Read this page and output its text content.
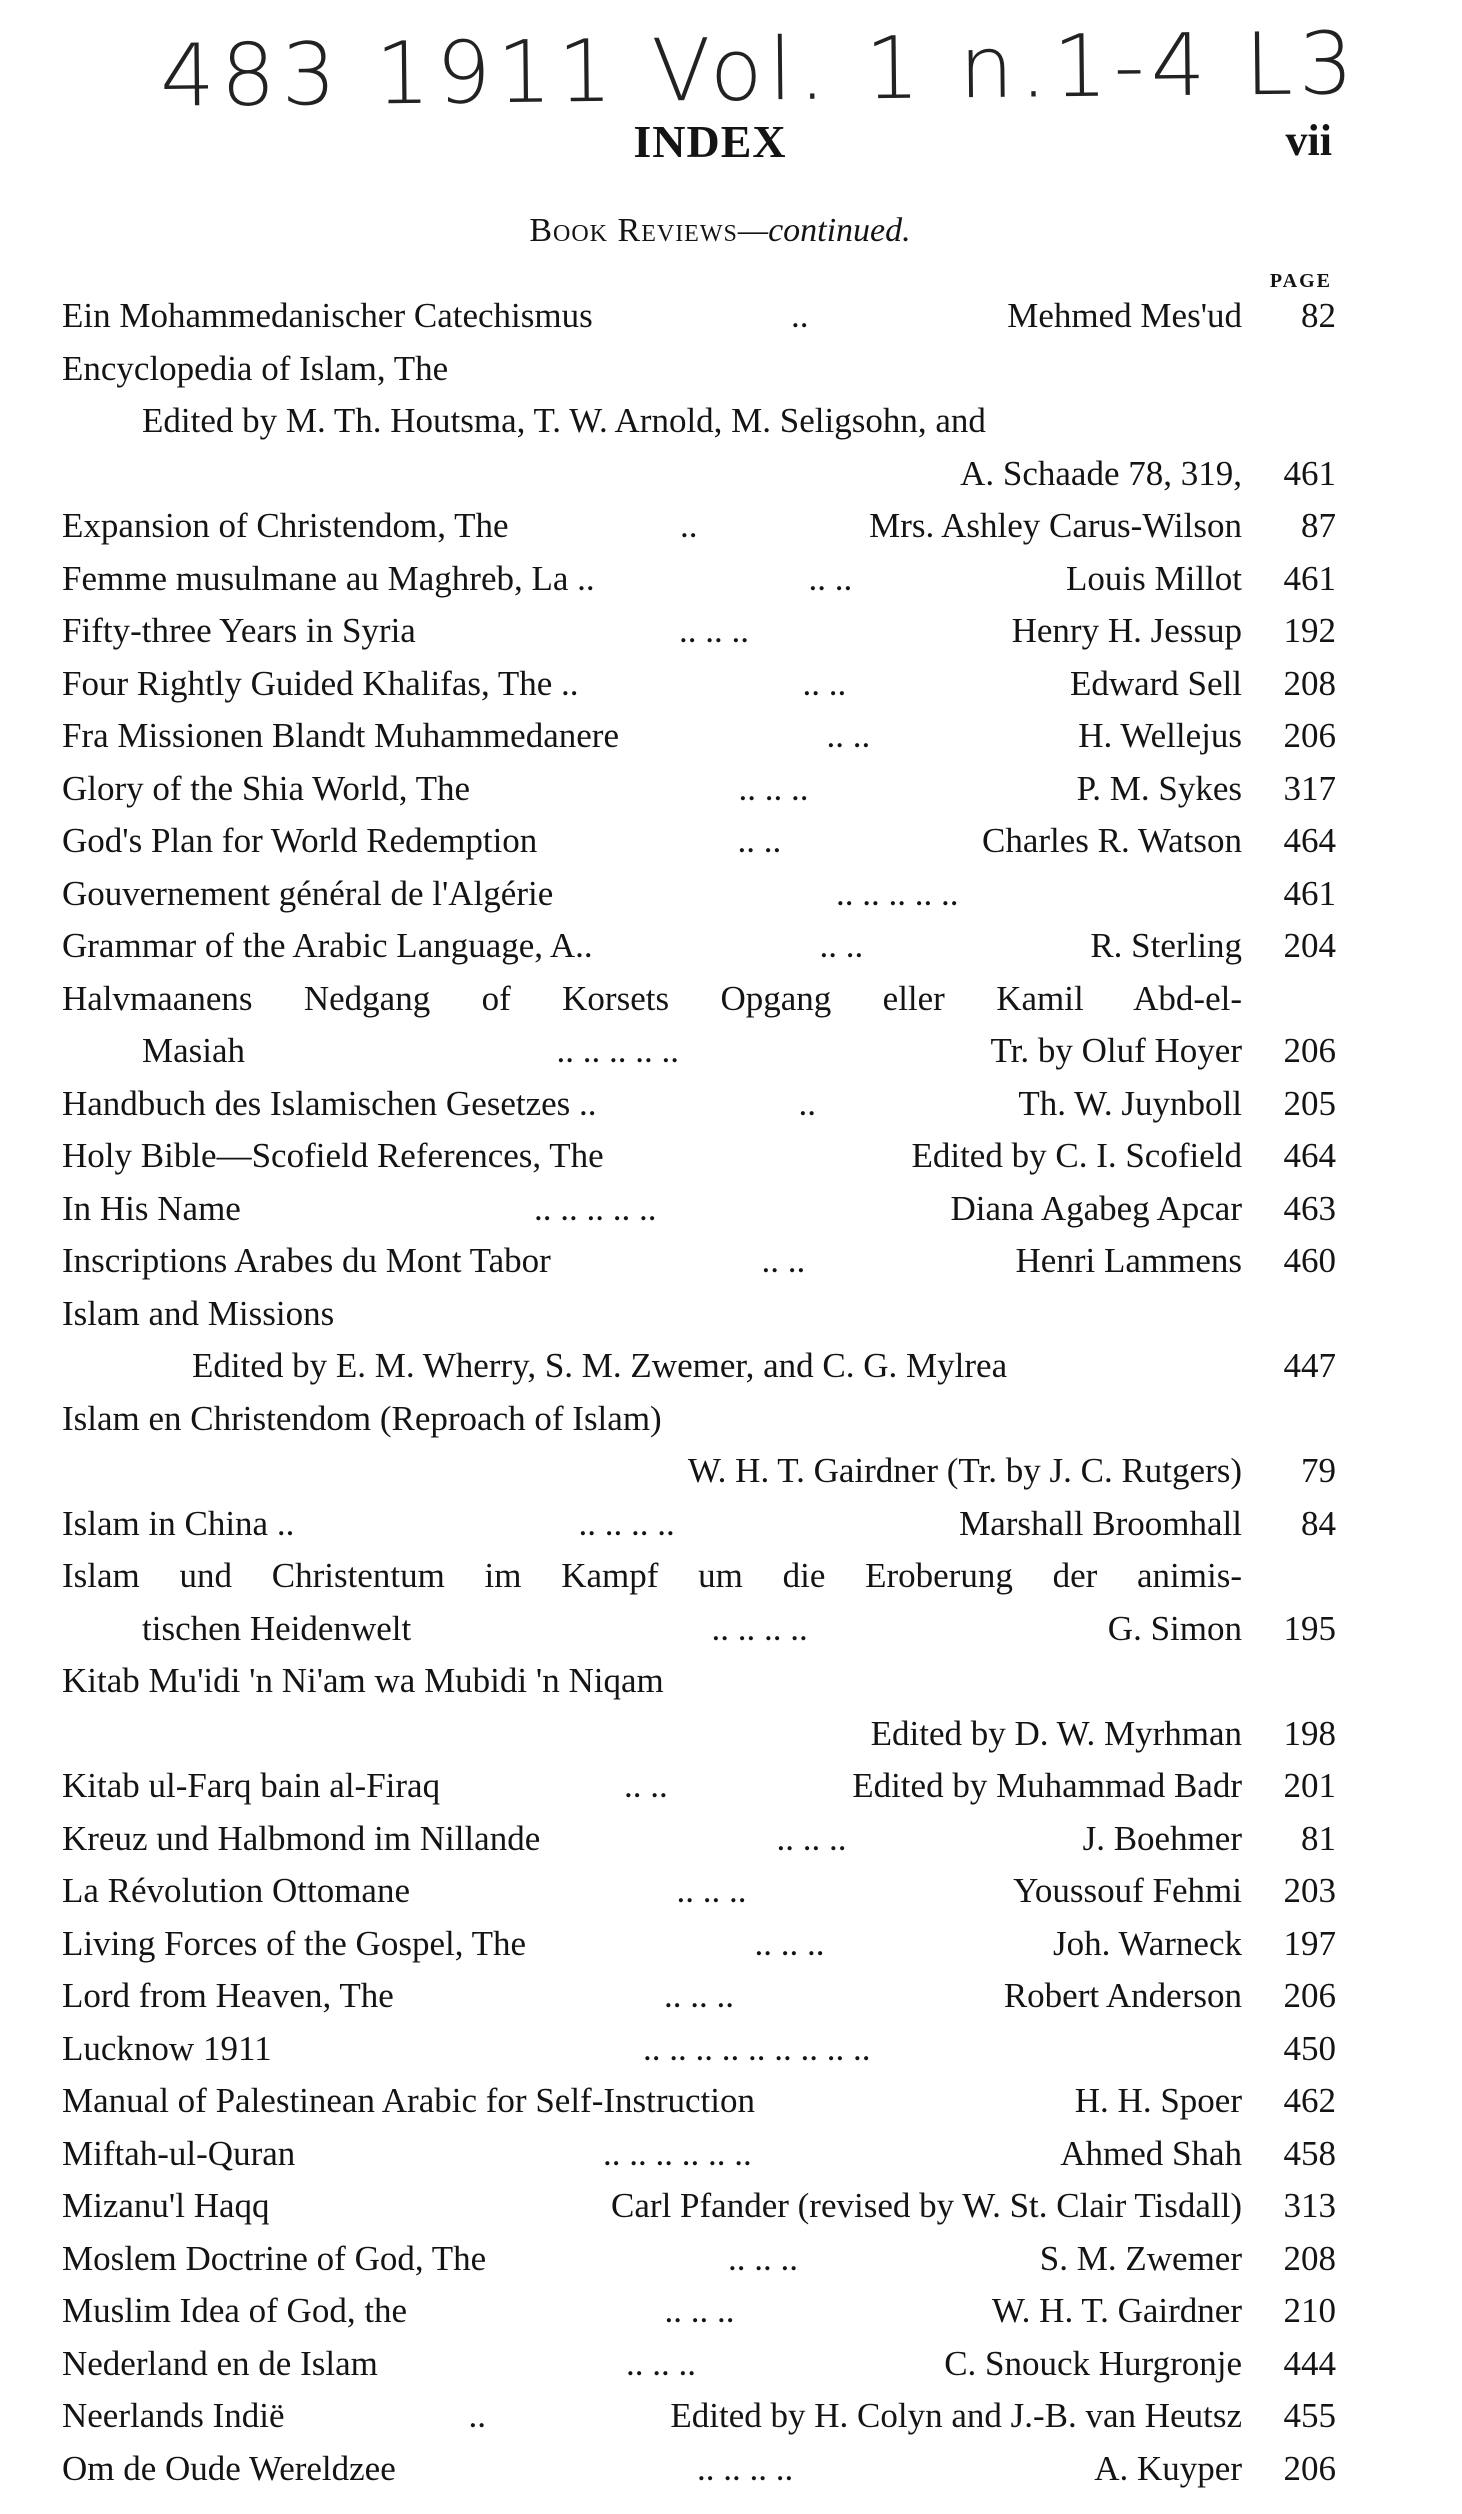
483 1911 Vol. 1 n.1-4 L3
INDEX	vii
Book Reviews—continued.
PAGE
Ein Mohammedanischer Catechismus	..	Mehmed Mes'ud	82
Encyclopedia of Islam, The
Edited by M. Th. Houtsma, T. W. Arnold, M. Seligsohn, and
A. Schaade 78, 319,	461
Expansion of Christendom, The	..	Mrs. Ashley Carus-Wilson	87
Femme musulmane au Maghreb, La ..	.. ..	Louis Millot	461
Fifty-three Years in Syria	.. .. ..	Henry H. Jessup	192
Four Rightly Guided Khalifas, The ..	.. ..	Edward Sell	208
Fra Missionen Blandt Muhammedanere	.. ..	H. Wellejus	206
Glory of the Shia World, The	.. .. ..	P. M. Sykes	317
God's Plan for World Redemption	.. ..	Charles R. Watson	464
Gouvernement général de l'Algérie	.. .. .. .. ..	461
Grammar of the Arabic Language, A..	.. ..	R. Sterling	204
Halvmaanens Nedgang of Korsets Opgang eller Kamil Abd-el-
Masiah	.. .. .. .. ..	Tr. by Oluf Hoyer	206
Handbuch des Islamischen Gesetzes ..	..	Th. W. Juynboll	205
Holy Bible—Scofield References, The	Edited by C. I. Scofield	464
In His Name	.. .. .. .. ..	Diana Agabeg Apcar	463
Inscriptions Arabes du Mont Tabor	.. ..	Henri Lammens	460
Islam and Missions
Edited by E. M. Wherry, S. M. Zwemer, and C. G. Mylrea	447
Islam en Christendom (Reproach of Islam)
W. H. T. Gairdner (Tr. by J. C. Rutgers)	79
Islam in China ..	.. .. .. ..	Marshall Broomhall	84
Islam und Christentum im Kampf um die Eroberung der animis-
tischen Heidenwelt	.. .. .. ..	G. Simon	195
Kitab Mu'idi 'n Ni'am wa Mubidi 'n Niqam
Edited by D. W. Myrhman	198
Kitab ul-Farq bain al-Firaq	.. ..	Edited by Muhammad Badr	201
Kreuz und Halbmond im Nillande	.. .. ..	J. Boehmer	81
La Révolution Ottomane	.. .. ..	Youssouf Fehmi	203
Living Forces of the Gospel, The	.. .. ..	Joh. Warneck	197
Lord from Heaven, The	.. .. ..	Robert Anderson	206
Lucknow 1911	.. .. .. .. .. .. .. .. ..	450
Manual of Palestinean Arabic for Self-Instruction	H. H. Spoer	462
Miftah-ul-Quran	.. .. .. .. .. ..	Ahmed Shah	458
Mizanu'l Haqq	Carl Pfander (revised by W. St. Clair Tisdall)	313
Moslem Doctrine of God, The	.. .. ..	S. M. Zwemer	208
Muslim Idea of God, the	.. .. ..	W. H. T. Gairdner	210
Nederland en de Islam	.. .. ..	C. Snouck Hurgronje	444
Neerlands Indië	..	Edited by H. Colyn and J.-B. van Heutsz	455
Om de Oude Wereldzee	.. .. .. ..	A. Kuyper	206
